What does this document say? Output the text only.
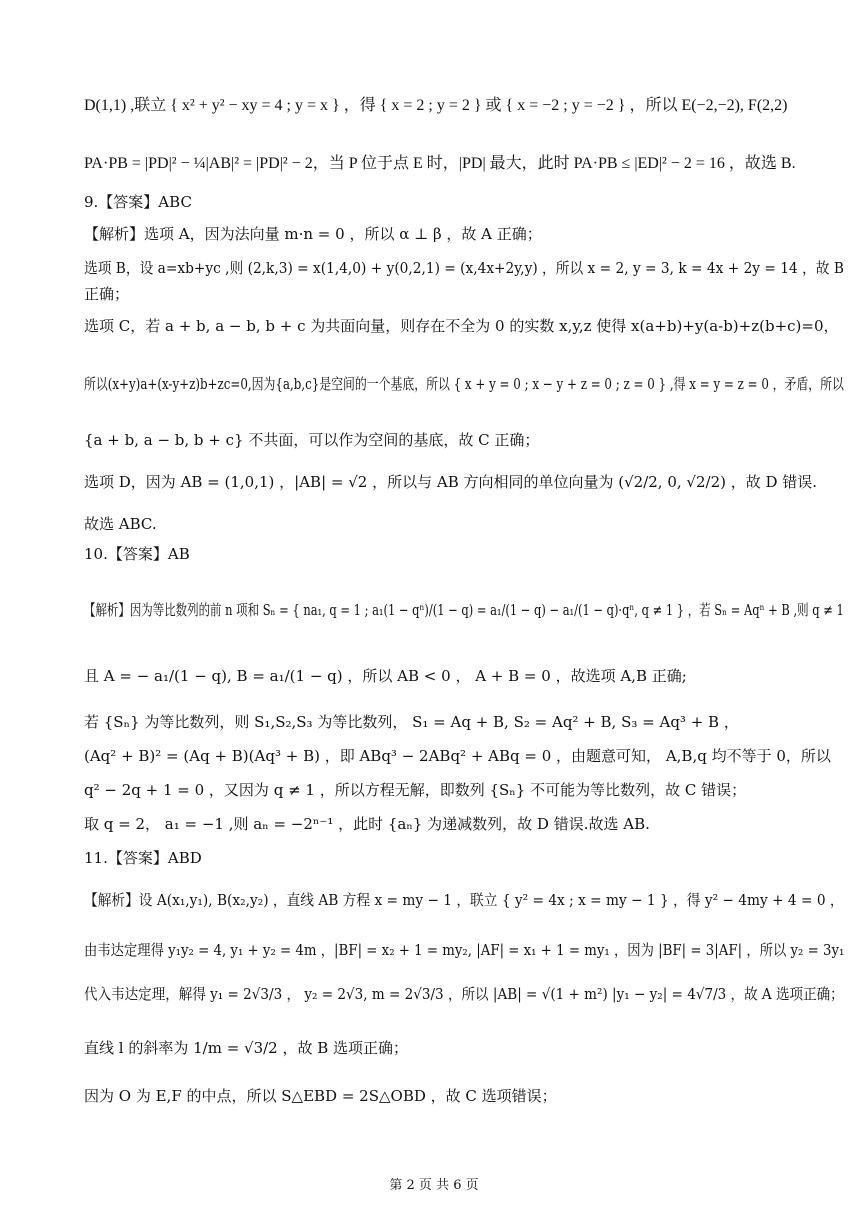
D(1,1) ,联立 { x² + y² − xy = 4 ; y = x } ，得 { x = 2 ; y = 2 } 或 { x = −2 ; y = −2 } ，所以 E(−2,−2), F(2,2)
PA·PB = |PD|² − ¼|AB|² = |PD|² − 2，当 P 位于点 E 时，|PD| 最大，此时 PA·PB ≤ |ED|² − 2 = 16 ，故选 B.
9.【答案】ABC
【解析】选项 A，因为法向量 m·n = 0 ，所以 α ⊥ β ，故 A 正确；
选项 B，设 a=xb+yc ,则 (2,k,3) = x(1,4,0) + y(0,2,1) = (x,4x+2y,y) ，所以 x = 2, y = 3, k = 4x + 2y = 14 ，故 B
正确；
选项 C，若 a + b, a − b, b + c 为共面向量，则存在不全为 0 的实数 x,y,z 使得 x(a+b)+y(a-b)+z(b+c)=0，
所以(x+y)a+(x-y+z)b+zc=0,因为{a,b,c}是空间的一个基底，所以 { x + y = 0 ; x − y + z = 0 ; z = 0 } ,得 x = y = z = 0 ，矛盾，所以
{a + b, a − b, b + c} 不共面，可以作为空间的基底，故 C 正确；
选项 D，因为 AB = (1,0,1) ，|AB| = √2 ，所以与 AB 方向相同的单位向量为 (√2/2, 0, √2/2) ，故 D 错误.
故选 ABC.
10.【答案】AB
【解析】因为等比数列的前 n 项和 Sₙ = { na₁, q = 1 ; a₁(1 − qⁿ)/(1 − q) = a₁/(1 − q) − a₁/(1 − q)·qⁿ, q ≠ 1 } ，若 Sₙ = Aqⁿ + B ,则 q ≠ 1
且 A = − a₁/(1 − q), B = a₁/(1 − q) ，所以 AB < 0 ， A + B = 0 ，故选项 A,B 正确;
若 {Sₙ} 为等比数列，则 S₁,S₂,S₃ 为等比数列， S₁ = Aq + B, S₂ = Aq² + B, S₃ = Aq³ + B ，
(Aq² + B)² = (Aq + B)(Aq³ + B) ，即 ABq³ − 2ABq² + ABq = 0 ，由题意可知， A,B,q 均不等于 0，所以
q² − 2q + 1 = 0 ，又因为 q ≠ 1 ，所以方程无解，即数列 {Sₙ} 不可能为等比数列，故 C 错误；
取 q = 2， a₁ = −1 ,则 aₙ = −2ⁿ⁻¹ ，此时 {aₙ} 为递减数列，故 D 错误.故选 AB.
11.【答案】ABD
【解析】设 A(x₁,y₁), B(x₂,y₂) ，直线 AB 方程 x = my − 1 ，联立 { y² = 4x ; x = my − 1 } ，得 y² − 4my + 4 = 0 ，
由韦达定理得 y₁y₂ = 4, y₁ + y₂ = 4m ，|BF| = x₂ + 1 = my₂, |AF| = x₁ + 1 = my₁ ，因为 |BF| = 3|AF| ，所以 y₂ = 3y₁
代入韦达定理，解得 y₁ = 2√3/3 ， y₂ = 2√3, m = 2√3/3 ，所以 |AB| = √(1 + m²) |y₁ − y₂| = 4√7/3 ，故 A 选项正确；
直线 l 的斜率为 1/m = √3/2 ，故 B 选项正确；
因为 O 为 E,F 的中点，所以 S△EBD = 2S△OBD ，故 C 选项错误；
第 2 页 共 6 页
